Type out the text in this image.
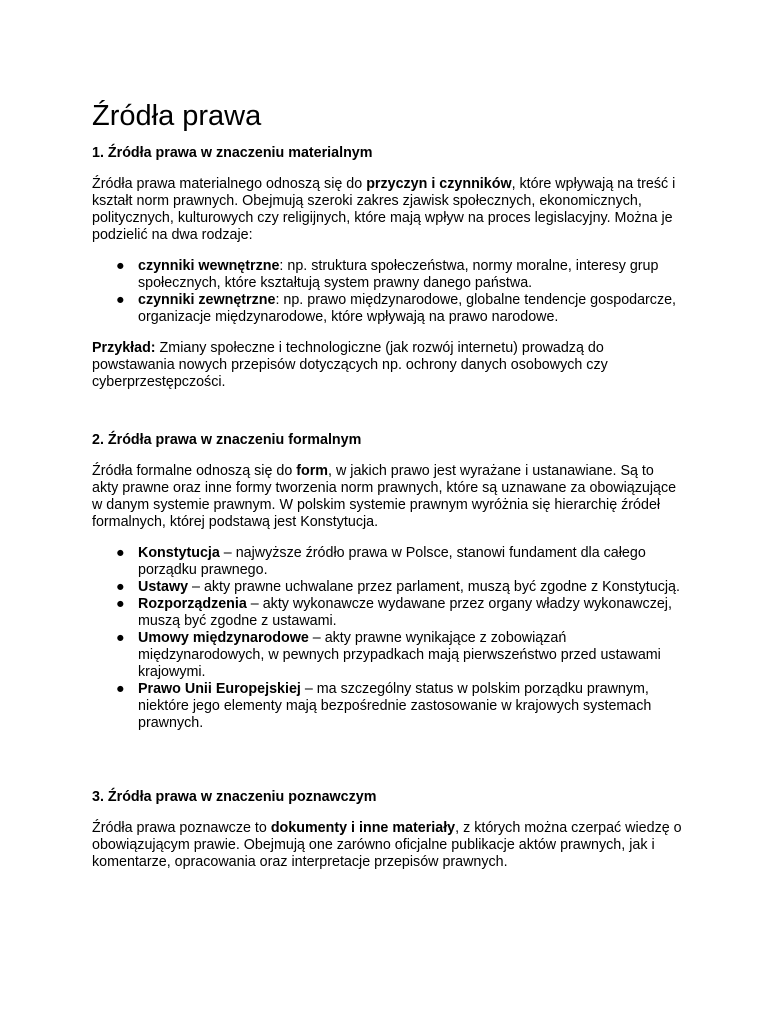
Źródła prawa
1. Źródła prawa w znaczeniu materialnym

Źródła prawa materialnego odnoszą się do przyczyn i czynników, które wpływają na treść i kształt norm prawnych. Obejmują szeroki zakres zjawisk społecznych, ekonomicznych, politycznych, kulturowych czy religijnych, które mają wpływ na proces legislacyjny. Można je podzielić na dwa rodzaje:

● czynniki wewnętrzne: np. struktura społeczeństwa, normy moralne, interesy grup społecznych, które kształtują system prawny danego państwa.
● czynniki zewnętrzne: np. prawo międzynarodowe, globalne tendencje gospodarcze, organizacje międzynarodowe, które wpływają na prawo narodowe.

Przykład: Zmiany społeczne i technologiczne (jak rozwój internetu) prowadzą do powstawania nowych przepisów dotyczących np. ochrony danych osobowych czy cyberprzestępczości.

2. Źródła prawa w znaczeniu formalnym

Źródła formalne odnoszą się do form, w jakich prawo jest wyrażane i ustanawiane. Są to akty prawne oraz inne formy tworzenia norm prawnych, które są uznawane za obowiązujące w danym systemie prawnym. W polskim systemie prawnym wyróżnia się hierarchię źródeł formalnych, której podstawą jest Konstytucja.

● Konstytucja – najwyższe źródło prawa w Polsce, stanowi fundament dla całego porządku prawnego.
● Ustawy – akty prawne uchwalane przez parlament, muszą być zgodne z Konstytucją.
● Rozporządzenia – akty wykonawcze wydawane przez organy władzy wykonawczej, muszą być zgodne z ustawami.
● Umowy międzynarodowe – akty prawne wynikające z zobowiązań międzynarodowych, w pewnych przypadkach mają pierwszeństwo przed ustawami krajowymi.
● Prawo Unii Europejskiej – ma szczególny status w polskim porządku prawnym, niektóre jego elementy mają bezpośrednie zastosowanie w krajowych systemach prawnych.
3. Źródła prawa w znaczeniu poznawczym

Źródła prawa poznawcze to dokumenty i inne materiały, z których można czerpać wiedzę o obowiązującym prawie. Obejmują one zarówno oficjalne publikacje aktów prawnych, jak i komentarze, opracowania oraz interpretacje przepisów prawnych.
